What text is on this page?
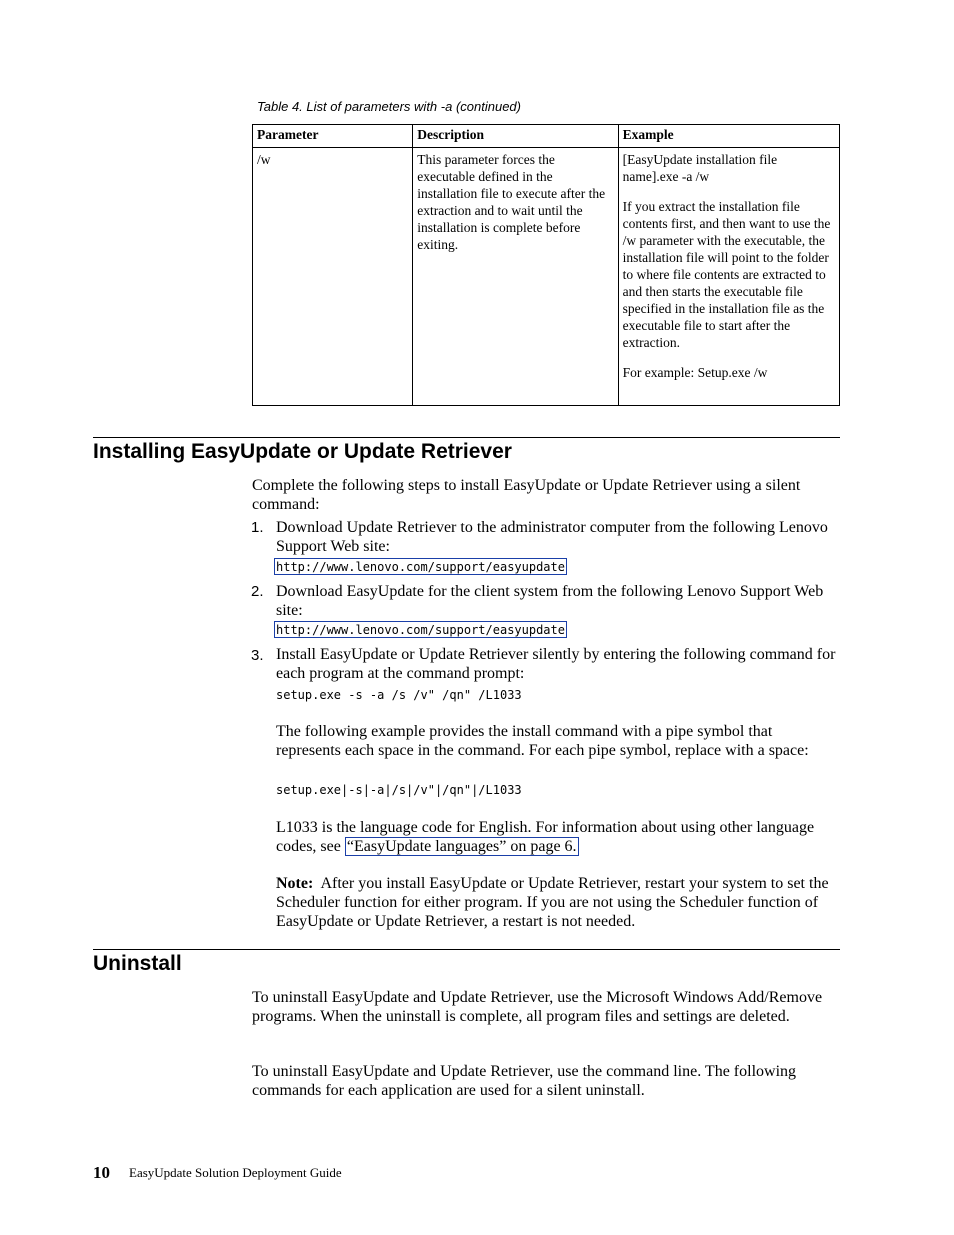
Table 4. List of parameters with -a (continued)
Parameter	Description	Example
/w	This parameter forces the executable defined in the installation file to execute after the extraction and to wait until the installation is complete before exiting.	[EasyUpdate installation file name].exe -a /w

If you extract the installation file contents first, and then want to use the /w parameter with the executable, the installation file will point to the folder to where file contents are extracted to and then starts the executable file specified in the installation file as the executable file to start after the extraction.

For example: Setup.exe /w

Installing EasyUpdate or Update Retriever

Complete the following steps to install EasyUpdate or Update Retriever using a silent command:

1. Download Update Retriever to the administrator computer from the following Lenovo Support Web site:

http://www.lenovo.com/support/easyupdate
2. Download EasyUpdate for the client system from the following Lenovo Support Web site:

http://www.lenovo.com/support/easyupdate
3. Install EasyUpdate or Update Retriever silently by entering the following command for each program at the command prompt:

setup.exe -s -a /s /v" /qn" /L1033

The following example provides the install command with a pipe symbol that represents each space in the command. For each pipe symbol, replace with a space:

setup.exe|-s|-a|/s|/v"|/qn"|/L1033

L1033 is the language code for English. For information about using other language codes, see “EasyUpdate languages” on page 6.

Note: After you install EasyUpdate or Update Retriever, restart your system to set the Scheduler function for either program. If you are not using the Scheduler function of EasyUpdate or Update Retriever, a restart is not needed.

Uninstall

To uninstall EasyUpdate and Update Retriever, use the Microsoft Windows Add/Remove programs. When the uninstall is complete, all program files and settings are deleted.

To uninstall EasyUpdate and Update Retriever, use the command line. The following commands for each application are used for a silent uninstall.

10 EasyUpdate Solution Deployment Guide
